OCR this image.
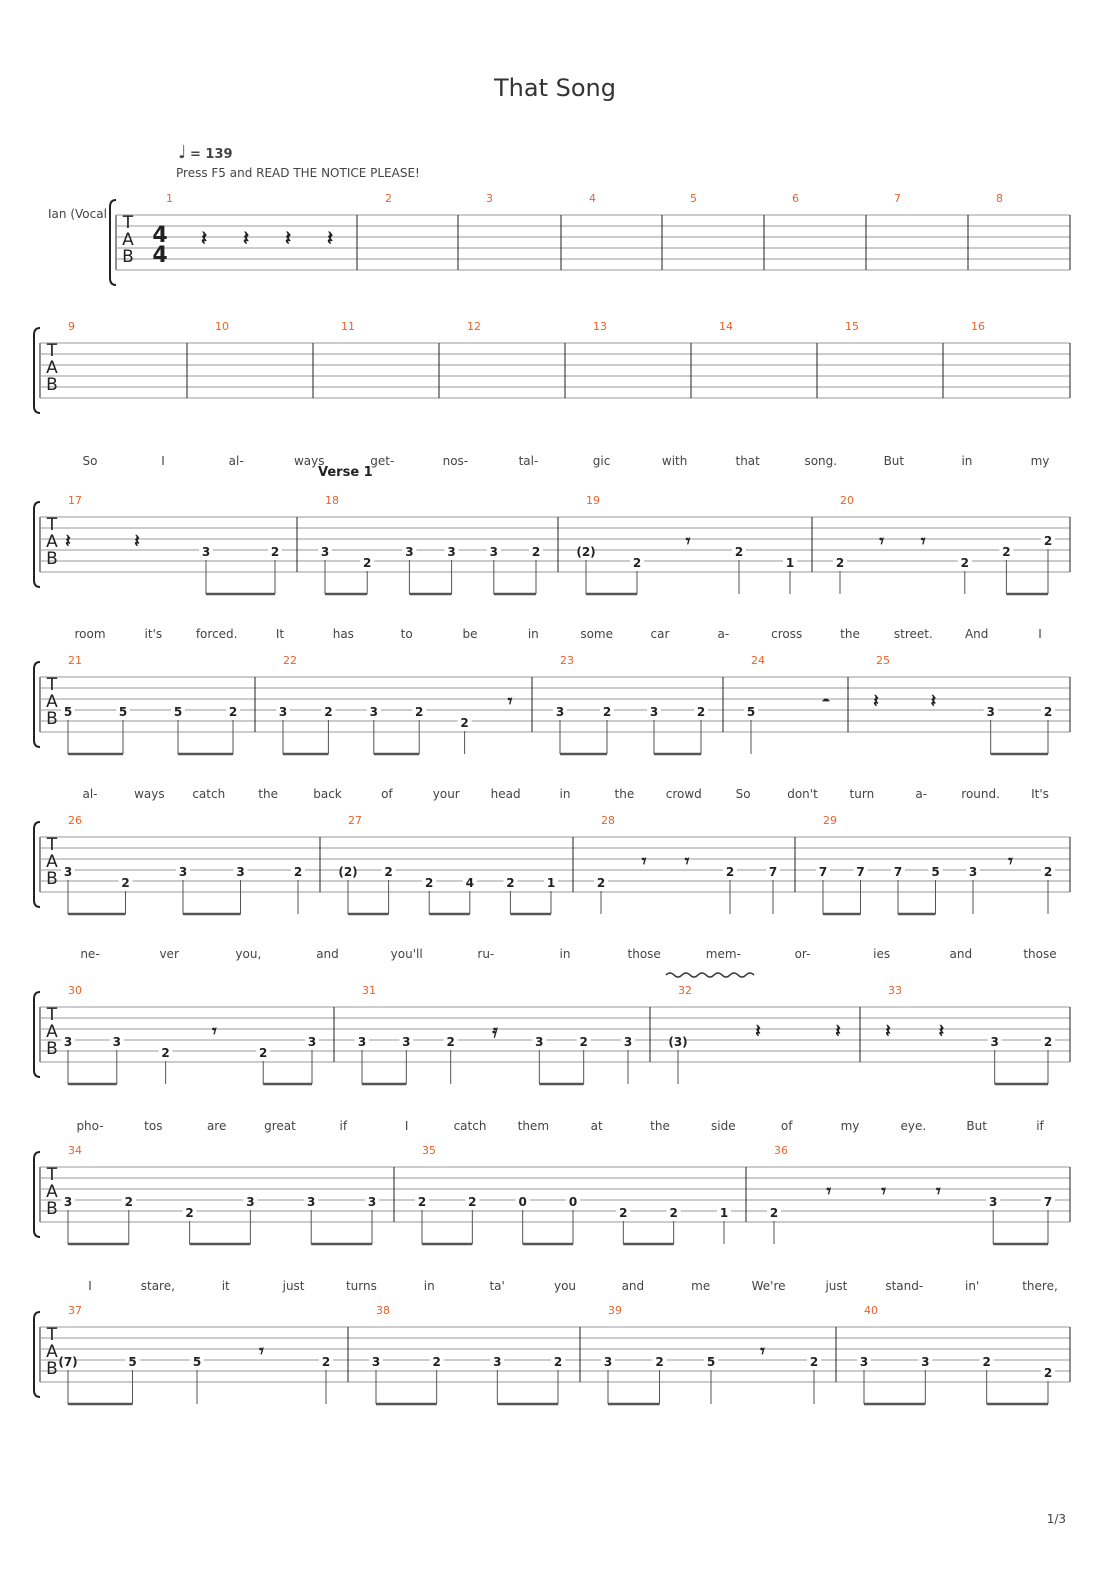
That Song
♩ = 139
Press F5 and READ THE NOTICE PLEASE!
Ian (Vocal
Verse 1
1/3
T
A
B
4
4
1
𝄽 𝄽 𝄽 𝄽
2	3	4	5	6	7	8
T
A
B
9	10	11	12	13	14	15	16
T
A
B
17
𝄽	𝄽	3	2
18
3
2
3	3	3	2
19
(2)
2
𝄾	2
1
20
2
𝄾 𝄾
2
2
2
So	I	al-	ways	get-	nos-	tal-	gic	with	that	song.	But	in	my
T
A
B
21
5	5	5	2
22
3	2	3	2
2
𝄾
23
3	2	3	2
24
5	𝄼
25
𝄽	𝄽	3	2
room	it's	forced.	It	has	to	be	in	some	car	a-	cross	the	street.	And	I
T
A
B
26
3
2
3	3	2
27
(2) 2
2	4	2	1
28
2
𝄾 𝄾	2	7
29
7 7 7 5 3 𝄾	2
al-	ways catch	the	back	of	your	head	in	the	crowd	So	don't	turn	a-	round.	It's
T
A
B
30
3	3
2
𝄾
2
3
31
3	3	2 𝄿	3	2	3
32
(3)	𝄽	𝄽
33
𝄽	𝄽	3	2
ne-	ver	you,	and	you'll	ru-	in	those	mem-	or-	ies	and	those
T
A
B
34
3	2
2
3	3	3
35
2	2	0	0
2	2	1
36
2
𝄾	𝄾	𝄾	3	7
pho-	tos	are	great	if	I	catch	them	at	the	side	of	my	eye.	But	if
T
A
B
37
(7)	5	5	𝄾	2
38
3	2	3	2
39
3	2	5 𝄾	2
40
3	3	2
2
I	stare,	it	just	turns	in	ta'	you	and	me	We're	just	stand-	in'	there,
